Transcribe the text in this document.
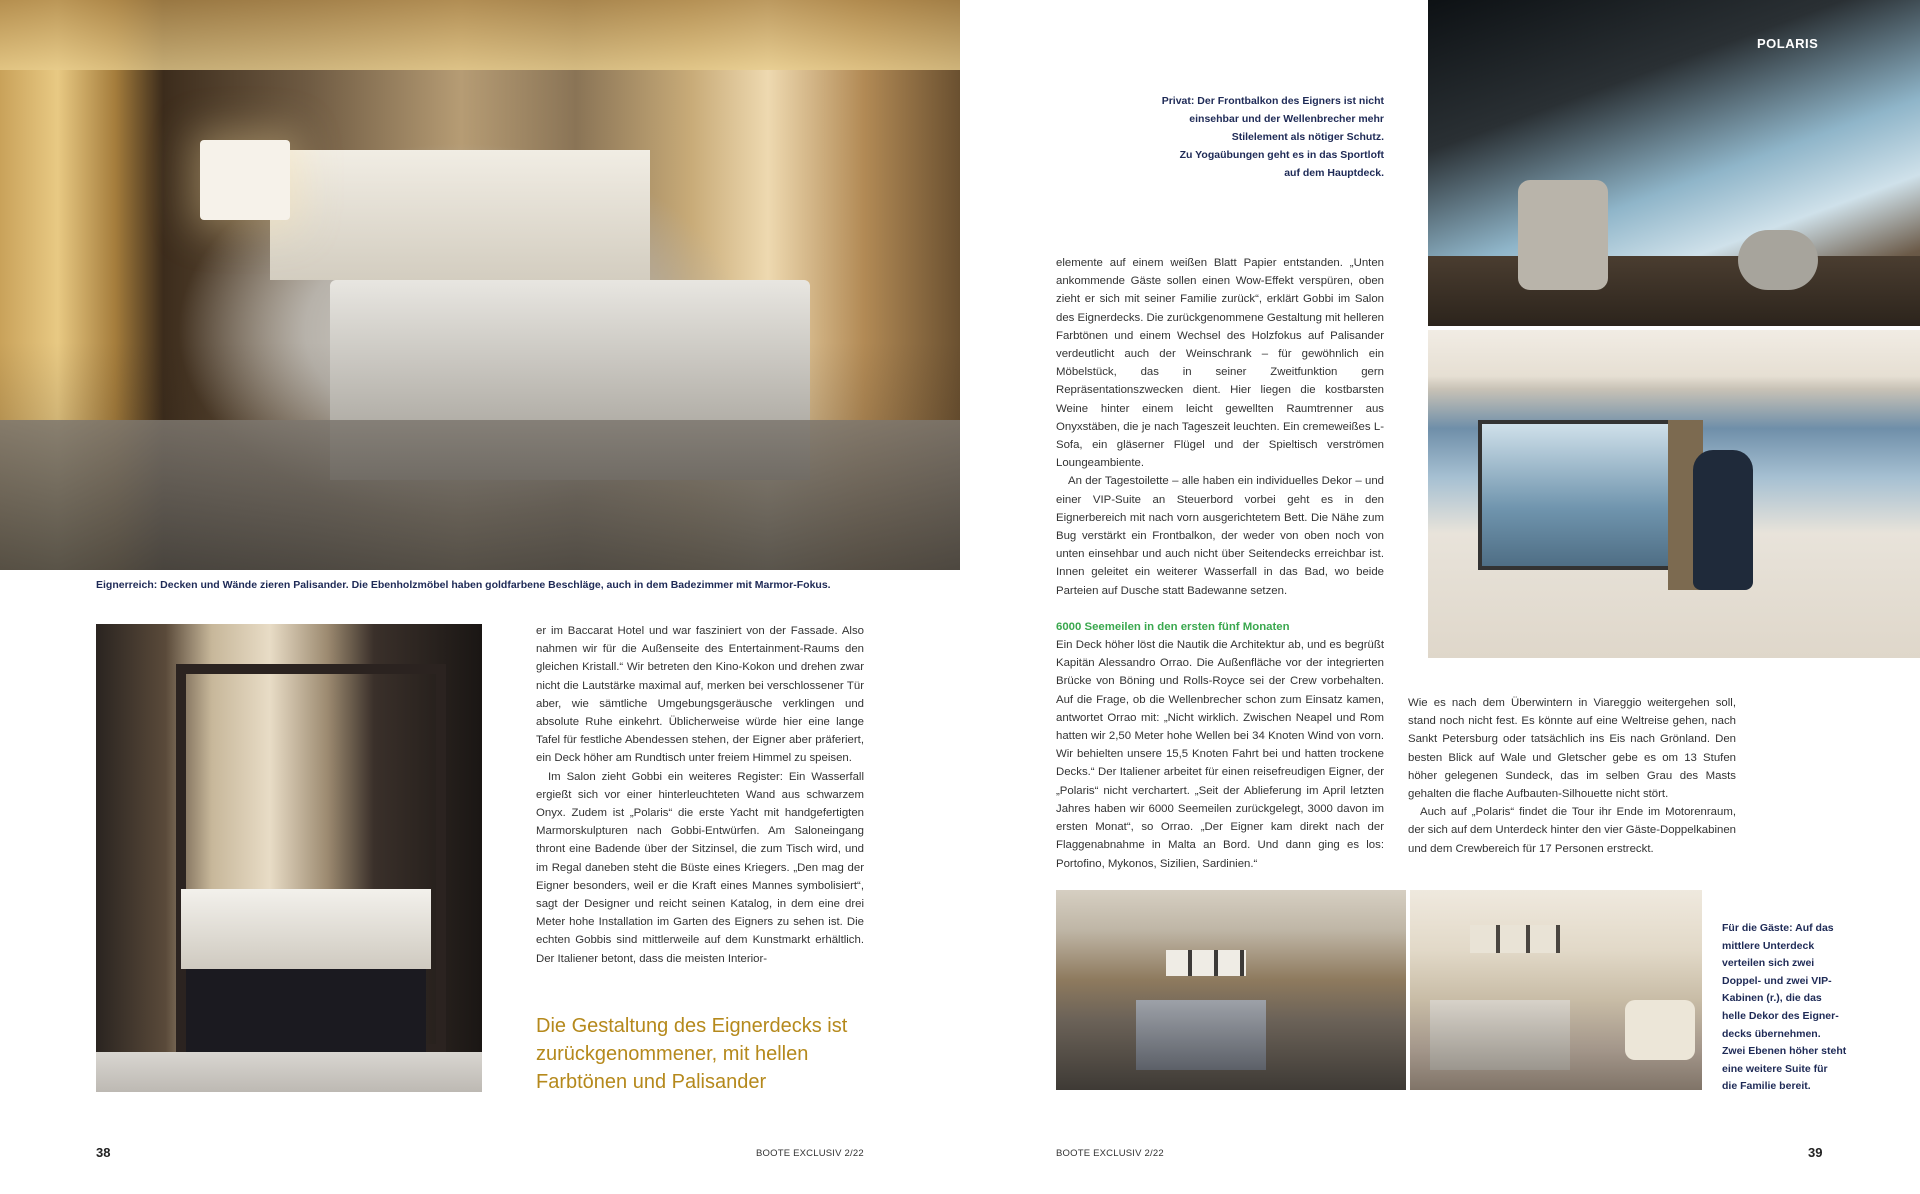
Eignerreich: Decken und Wände zieren Palisander. Die Ebenholzmöbel haben goldfarbene Beschläge, auch in dem Badezimmer mit Marmor-Fokus.

er im Baccarat Hotel und war fasziniert von der Fassade. Also nahmen wir für die Außenseite des Entertainment-Raums den gleichen Kristall.“ Wir betreten den Kino-Kokon und drehen zwar nicht die Lautstärke maximal auf, merken bei verschlossener Tür aber, wie sämtliche Umgebungsgeräusche verklingen und absolute Ruhe einkehrt. Üblicherweise würde hier eine lange Tafel für festliche Abendessen stehen, der Eigner aber präferiert, ein Deck höher am Rundtisch unter freiem Himmel zu speisen.

Im Salon zieht Gobbi ein weiteres Register: Ein Wasserfall ergießt sich vor einer hinterleuchteten Wand aus schwarzem Onyx. Zudem ist „Polaris“ die erste Yacht mit handgefertigten Marmorskulpturen nach Gobbi-Entwürfen. Am Saloneingang thront eine Badende über der Sitzinsel, die zum Tisch wird, und im Regal daneben steht die Büste eines Kriegers. „Den mag der Eigner besonders, weil er die Kraft eines Mannes symbolisiert“, sagt der Designer und reicht seinen Katalog, in dem eine drei Meter hohe Installation im Garten des Eigners zu sehen ist. Die echten Gobbis sind mittlerweile auf dem Kunstmarkt erhältlich. Der Italiener betont, dass die meisten Interior-

Die Gestaltung des Eignerdecks ist zurückgenommener, mit hellen Farbtönen und Palisander
38	BOOTE EXCLUSIV 2/22
Privat: Der Frontbalkon des Eigners ist nicht
einsehbar und der Wellenbrecher mehr
Stilelement als nötiger Schutz.
Zu Yogaübungen geht es in das Sportloft
auf dem Hauptdeck.
POLARIS

elemente auf einem weißen Blatt Papier entstanden. „Unten ankommende Gäste sollen einen Wow-Effekt verspüren, oben zieht er sich mit seiner Familie zurück“, erklärt Gobbi im Salon des Eignerdecks. Die zurückgenommene Gestaltung mit helleren Farbtönen und einem Wechsel des Holzfokus auf Palisander verdeutlicht auch der Weinschrank – für gewöhnlich ein Möbelstück, das in seiner Zweitfunktion gern Repräsentationszwecken dient. Hier liegen die kostbarsten Weine hinter einem leicht gewellten Raumtrenner aus Onyxstäben, die je nach Tageszeit leuchten. Ein cremeweißes L-Sofa, ein gläserner Flügel und der Spieltisch verströmen Loungeambiente.

An der Tagestoilette – alle haben ein individuelles Dekor – und einer VIP-Suite an Steuerbord vorbei geht es in den Eignerbereich mit nach vorn ausgerichtetem Bett. Die Nähe zum Bug verstärkt ein Frontbalkon, der weder von oben noch von unten einsehbar und auch nicht über Seitendecks erreichbar ist. Innen geleitet ein weiterer Wasserfall in das Bad, wo beide Parteien auf Dusche statt Badewanne setzen.

6000 Seemeilen in den ersten fünf Monaten

Ein Deck höher löst die Nautik die Architektur ab, und es begrüßt Kapitän Alessandro Orrao. Die Außenfläche vor der integrierten Brücke von Böning und Rolls-Royce sei der Crew vorbehalten. Auf die Frage, ob die Wellenbrecher schon zum Einsatz kamen, antwortet Orrao mit: „Nicht wirklich. Zwischen Neapel und Rom hatten wir 2,50 Meter hohe Wellen bei 34 Knoten Wind von vorn. Wir behielten unsere 15,5 Knoten Fahrt bei und hatten trockene Decks.“ Der Italiener arbeitet für einen reisefreudigen Eigner, der „Polaris“ nicht verchartert. „Seit der Ablieferung im April letzten Jahres haben wir 6000 Seemeilen zurückgelegt, 3000 davon im ersten Monat“, so Orrao. „Der Eigner kam direkt nach der Flaggenabnahme in Malta an Bord. Und dann ging es los: Portofino, Mykonos, Sizilien, Sardinien.“

Wie es nach dem Überwintern in Viareggio weitergehen soll, stand noch nicht fest. Es könnte auf eine Weltreise gehen, nach Sankt Petersburg oder tatsächlich ins Eis nach Grönland. Den besten Blick auf Wale und Gletscher gebe es om 13 Stufen höher gelegenen Sundeck, das im selben Grau des Masts gehalten die flache Aufbauten-Silhouette nicht stört.

Auch auf „Polaris“ findet die Tour ihr Ende im Motorenraum, der sich auf dem Unterdeck hinter den vier Gäste-Doppelkabinen und dem Crewbereich für 17 Personen erstreckt.

Für die Gäste: Auf das
mittlere Unterdeck
verteilen sich zwei
Doppel- und zwei VIP-
Kabinen (r.), die das
helle Dekor des Eigner-
decks übernehmen.
Zwei Ebenen höher steht
eine weitere Suite für
die Familie bereit.
BOOTE EXCLUSIV 2/22	39
